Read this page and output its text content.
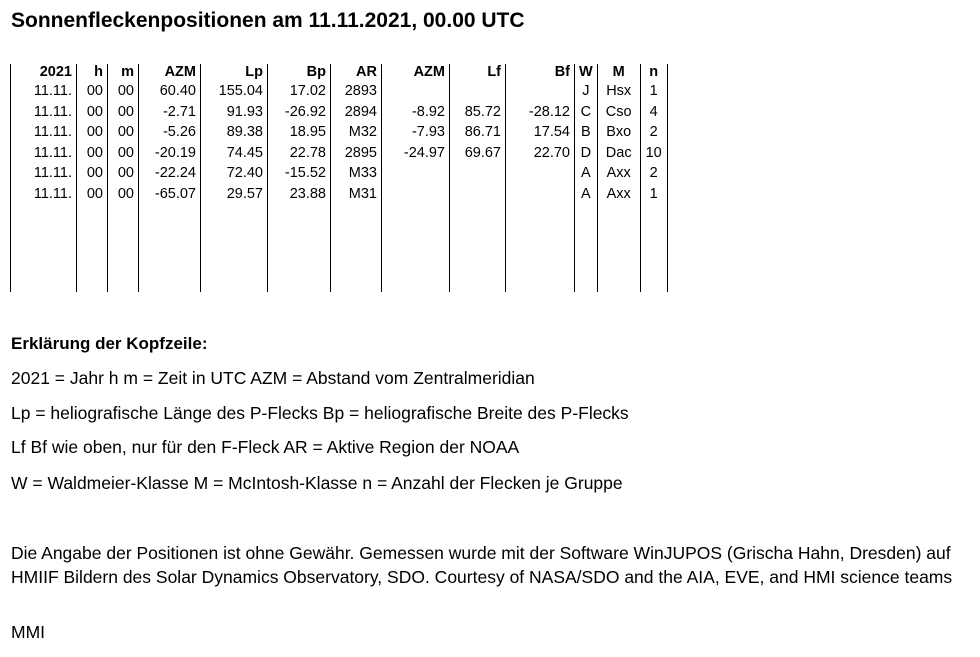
Sonnenfleckenpositionen am 11.11.2021, 00.00 UTC
2021	h	m	AZM	Lp	Bp	AR	AZM	Lf	Bf	W	M	n
11.11.	00	00	60.40	155.04	17.02	2893				J	Hsx	1
11.11.	00	00	-2.71	91.93	-26.92	2894	-8.92	85.72	-28.12	C	Cso	4
11.11.	00	00	-5.26	89.38	18.95	M32	-7.93	86.71	17.54	B	Bxo	2
11.11.	00	00	-20.19	74.45	22.78	2895	-24.97	69.67	22.70	D	Dac	10
11.11.	00	00	-22.24	72.40	-15.52	M33				A	Axx	2
11.11.	00	00	-65.07	29.57	23.88	M31				A	Axx	1

Erklärung der Kopfzeile:
2021 = Jahr h m = Zeit in UTC AZM = Abstand vom Zentralmeridian
Lp = heliografische Länge des P-Flecks Bp = heliografische Breite des P-Flecks
Lf Bf wie oben, nur für den F-Fleck AR = Aktive Region der NOAA
W = Waldmeier-Klasse M = McIntosh-Klasse n = Anzahl der Flecken je Gruppe
Die Angabe der Positionen ist ohne Gewähr. Gemessen wurde mit der Software WinJUPOS (Grischa Hahn, Dresden) auf HMIIF Bildern des Solar Dynamics Observatory, SDO. Courtesy of NASA/SDO and the AIA, EVE, and HMI science teams
MMI
